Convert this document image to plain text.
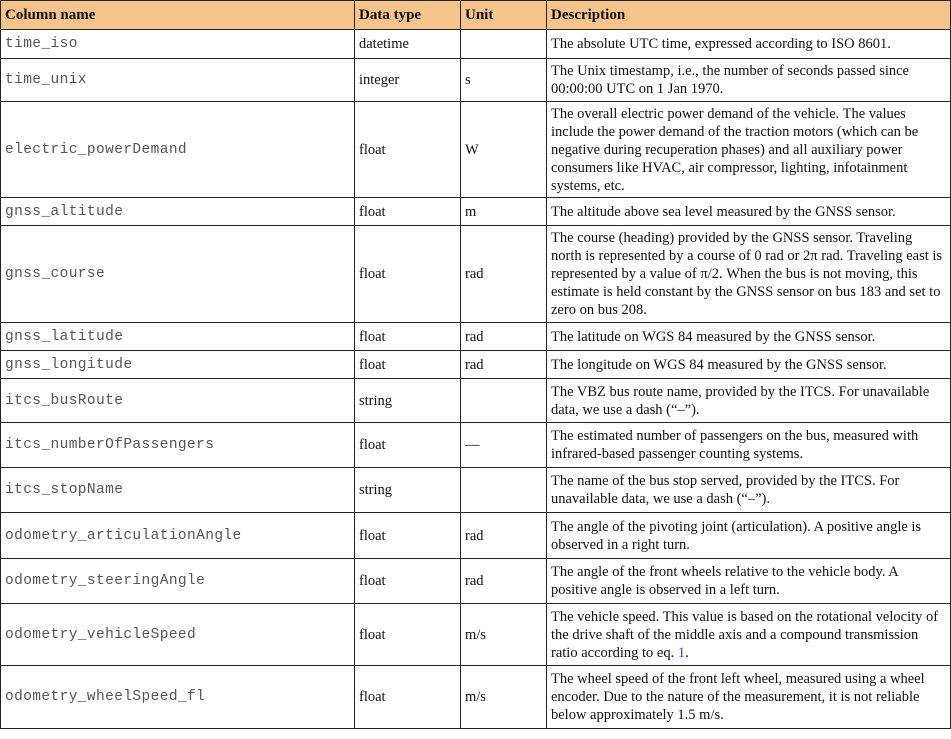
Column name	Data type	Unit	Description
time_iso	datetime		The absolute UTC time, expressed according to ISO 8601.
time_unix	integer	s	The Unix timestamp, i.e., the number of seconds passed since 00:00:00 UTC on 1 Jan 1970.
electric_powerDemand	float	W	The overall electric power demand of the vehicle. The values include the power demand of the traction motors (which can be negative during recuperation phases) and all auxiliary power consumers like HVAC, air compressor, lighting, infotainment systems, etc.
gnss_altitude	float	m	The altitude above sea level measured by the GNSS sensor.
gnss_course	float	rad	The course (heading) provided by the GNSS sensor. Traveling north is represented by a course of 0 rad or 2π rad. Traveling east is represented by a value of π/2. When the bus is not moving, this estimate is held constant by the GNSS sensor on bus 183 and set to zero on bus 208.
gnss_latitude	float	rad	The latitude on WGS 84 measured by the GNSS sensor.
gnss_longitude	float	rad	The longitude on WGS 84 measured by the GNSS sensor.
itcs_busRoute	string		The VBZ bus route name, provided by the ITCS. For unavailable data, we use a dash (“–”).
itcs_numberOfPassengers	float	—	The estimated number of passengers on the bus, measured with infrared-based passenger counting systems.
itcs_stopName	string		The name of the bus stop served, provided by the ITCS. For unavailable data, we use a dash (“–”).
odometry_articulationAngle	float	rad	The angle of the pivoting joint (articulation). A positive angle is observed in a right turn.
odometry_steeringAngle	float	rad	The angle of the front wheels relative to the vehicle body. A positive angle is observed in a left turn.
odometry_vehicleSpeed	float	m/s	The vehicle speed. This value is based on the rotational velocity of the drive shaft of the middle axis and a compound transmission ratio according to eq. 1.
odometry_wheelSpeed_fl	float	m/s	The wheel speed of the front left wheel, measured using a wheel encoder. Due to the nature of the measurement, it is not reliable below approximately 1.5 m/s.
